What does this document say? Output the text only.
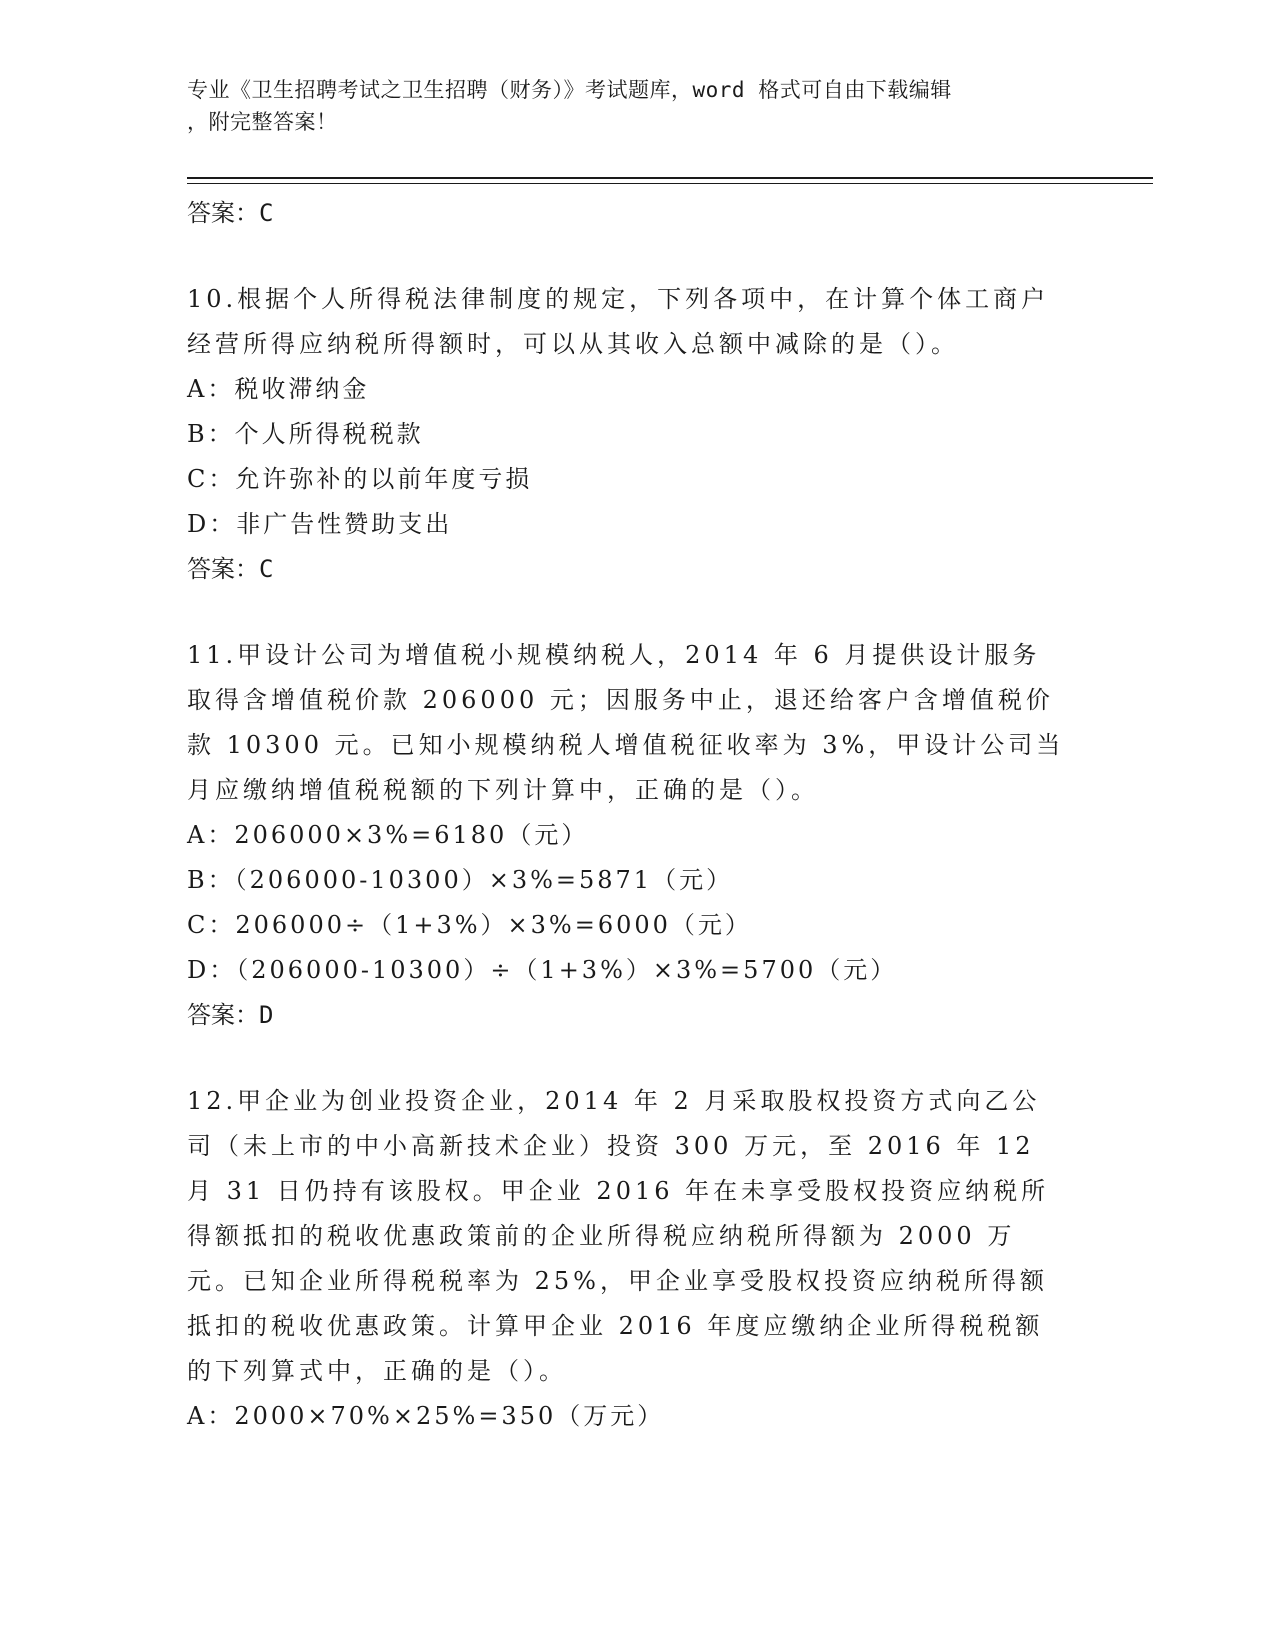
专业《卫生招聘考试之卫生招聘（财务）》考试题库，word 格式可自由下载编辑
，附完整答案！
答案：C
10.根据个人所得税法律制度的规定，下列各项中，在计算个体工商户经营所得应纳税所得额时，可以从其收入总额中减除的是（）。
A：税收滞纳金
B：个人所得税税款
C：允许弥补的以前年度亏损
D：非广告性赞助支出
答案：C
11.甲设计公司为增值税小规模纳税人，2014 年 6 月提供设计服务取得含增值税价款 206000 元；因服务中止，退还给客户含增值税价款 10300 元。已知小规模纳税人增值税征收率为 3%，甲设计公司当月应缴纳增值税税额的下列计算中，正确的是（）。
A：206000×3%=6180（元）
B：（206000-10300）×3%=5871（元）
C：206000÷（1+3%）×3%=6000（元）
D：（206000-10300）÷（1+3%）×3%=5700（元）
答案：D
12.甲企业为创业投资企业，2014 年 2 月采取股权投资方式向乙公司（未上市的中小高新技术企业）投资 300 万元，至 2016 年 12 月 31 日仍持有该股权。甲企业 2016 年在未享受股权投资应纳税所得额抵扣的税收优惠政策前的企业所得税应纳税所得额为 2000 万元。已知企业所得税税率为 25%，甲企业享受股权投资应纳税所得额抵扣的税收优惠政策。计算甲企业 2016 年度应缴纳企业所得税税额的下列算式中，正确的是（）。
A：2000×70%×25%=350（万元）
